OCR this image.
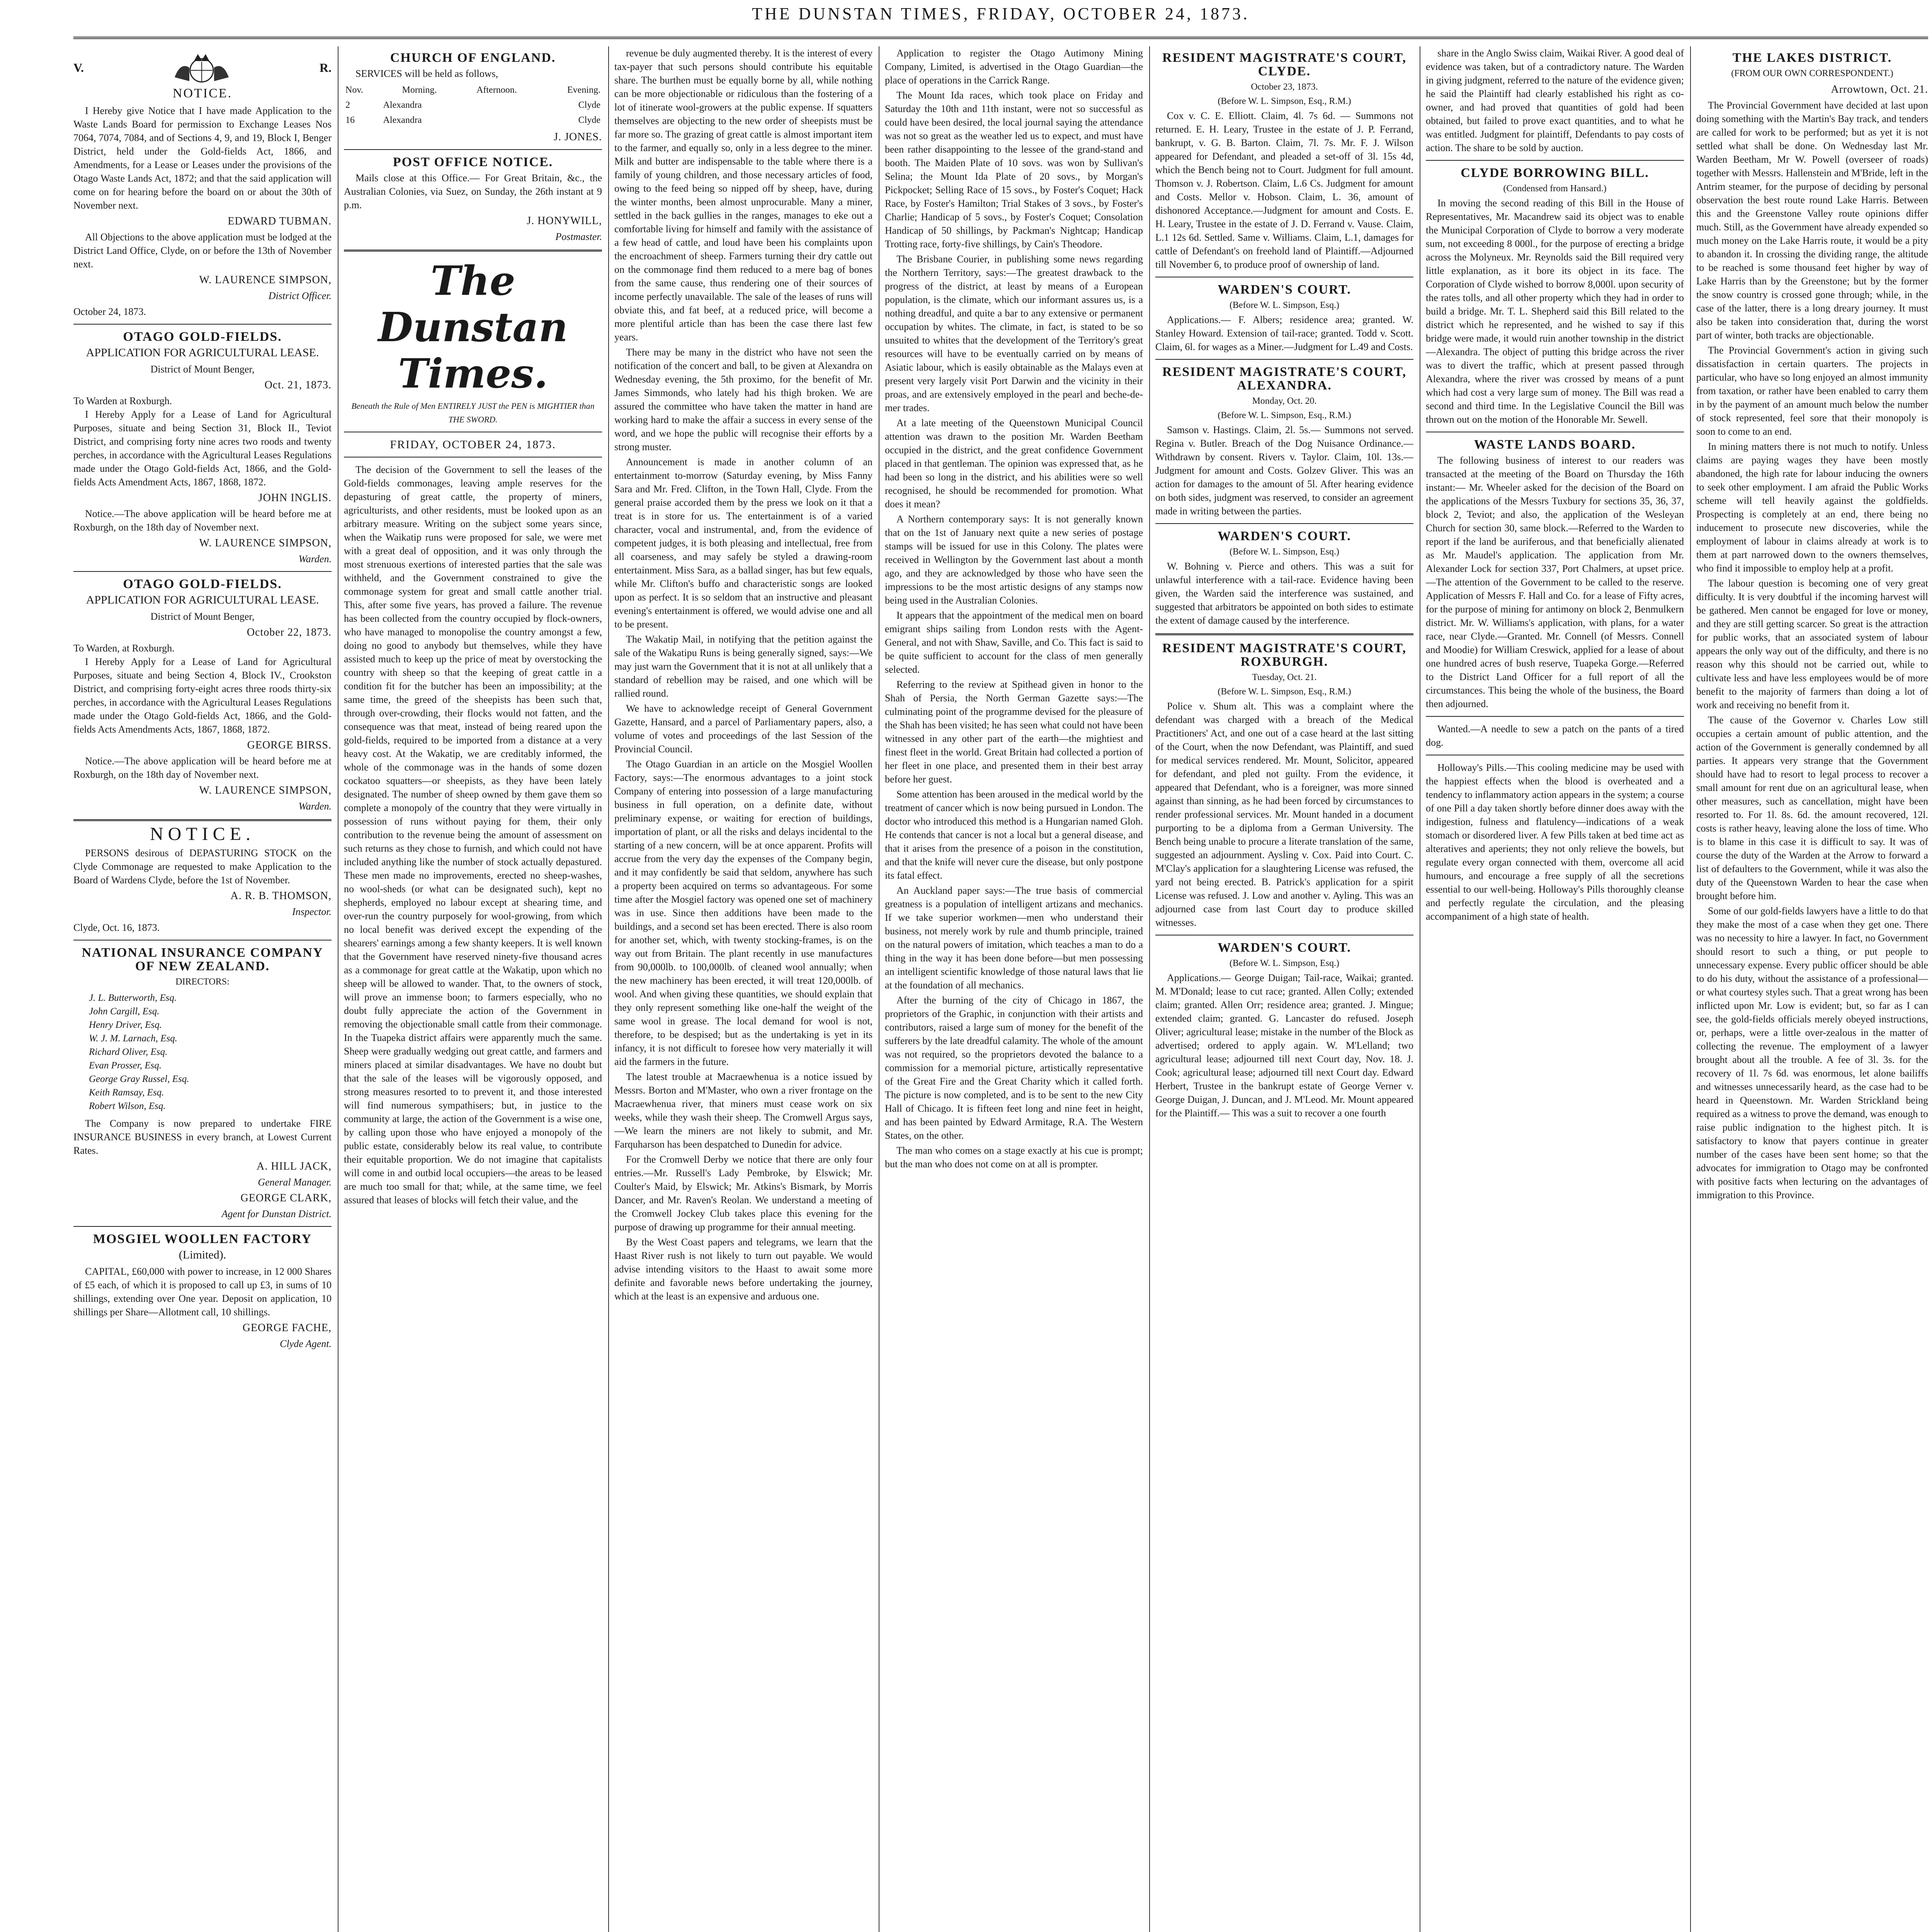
THE DUNSTAN TIMES, FRIDAY, OCTOBER 24, 1873.
V.	R.
NOTICE.

I Hereby give Notice that I have made Application to the Waste Lands Board for permission to Exchange Leases Nos 7064, 7074, 7084, and of Sections 4, 9, and 19, Block I, Benger District, held under the Gold-fields Act, 1866, and Amendments, for a Lease or Leases under the provisions of the Otago Waste Lands Act, 1872; and that the said application will come on for hearing before the board on or about the 30th of November next.

EDWARD TUBMAN.

All Objections to the above application must be lodged at the District Land Office, Clyde, on or before the 13th of November next.

W. LAURENCE SIMPSON,
District Officer.
October 24, 1873.
OTAGO GOLD-FIELDS.
APPLICATION FOR AGRICULTURAL LEASE.
District of Mount Benger,
Oct. 21, 1873.
To Warden at Roxburgh.

I Hereby Apply for a Lease of Land for Agricultural Purposes, situate and being Section 31, Block II., Teviot District, and comprising forty nine acres two roods and twenty perches, in accordance with the Agricultural Leases Regulations made under the Otago Gold-fields Act, 1866, and the Gold-fields Acts Amendment Acts, 1867, 1868, 1872.

JOHN INGLIS.

Notice.—The above application will be heard before me at Roxburgh, on the 18th day of November next.

W. LAURENCE SIMPSON,
Warden.
OTAGO GOLD-FIELDS.
APPLICATION FOR AGRICULTURAL LEASE.
District of Mount Benger,
October 22, 1873.
To Warden, at Roxburgh.

I Hereby Apply for a Lease of Land for Agricultural Purposes, situate and being Section 4, Block IV., Crookston District, and comprising forty-eight acres three roods thirty-six perches, in accordance with the Agricultural Leases Regulations made under the Otago Gold-fields Act, 1866, and the Gold-fields Acts Amendments Acts, 1867, 1868, 1872.

GEORGE BIRSS.

Notice.—The above application will be heard before me at Roxburgh, on the 18th day of November next.

W. LAURENCE SIMPSON,
Warden.
NOTICE.

PERSONS desirous of DEPASTURING STOCK on the Clyde Commonage are requested to make Application to the Board of Wardens Clyde, before the 1st of November.

A. R. B. THOMSON,
Inspector.
Clyde, Oct. 16, 1873.
NATIONAL INSURANCE COMPANY OF NEW ZEALAND.
DIRECTORS:
J. L. Butterworth, Esq.
John Cargill, Esq.
Henry Driver, Esq.
W. J. M. Larnach, Esq.
Richard Oliver, Esq.
Evan Prosser, Esq.
George Gray Russel, Esq.
Keith Ramsay, Esq.
Robert Wilson, Esq.

The Company is now prepared to undertake FIRE INSURANCE BUSINESS in every branch, at Lowest Current Rates.

A. HILL JACK,
General Manager.
GEORGE CLARK,
Agent for Dunstan District.
MOSGIEL WOOLLEN FACTORY
(Limited).

CAPITAL, £60,000 with power to increase, in 12 000 Shares of £5 each, of which it is proposed to call up £3, in sums of 10 shillings, extending over One year. Deposit on application, 10 shillings per Share—Allotment call, 10 shillings.

GEORGE FACHE,
Clyde Agent.
CHURCH OF ENGLAND.

SERVICES will be held as follows,

Nov.	Morning.	Afternoon.	Evening.
2	Alexandra		Clyde
16	Alexandra		Clyde
J. JONES.
POST OFFICE NOTICE.

Mails close at this Office.— For Great Britain, &c., the Australian Colonies, via Suez, on Sunday, the 26th instant at 9 p.m.

J. HONYWILL,
Postmaster.
The Dunstan Times.
Beneath the Rule of Men ENTIRELY JUST the PEN is MIGHTIER than THE SWORD.
FRIDAY, OCTOBER 24, 1873.

The decision of the Government to sell the leases of the Gold-fields commonages, leaving ample reserves for the depasturing of great cattle, the property of miners, agriculturists, and other residents, must be looked upon as an arbitrary measure. Writing on the subject some years since, when the Waikatip runs were proposed for sale, we were met with a great deal of opposition, and it was only through the most strenuous exertions of interested parties that the sale was withheld, and the Government constrained to give the commonage system for great and small cattle another trial. This, after some five years, has proved a failure. The revenue has been collected from the country occupied by flock-owners, who have managed to monopolise the country amongst a few, doing no good to anybody but themselves, while they have assisted much to keep up the price of meat by overstocking the country with sheep so that the keeping of great cattle in a condition fit for the butcher has been an impossibility; at the same time, the greed of the sheepists has been such that, through over-crowding, their flocks would not fatten, and the consequence was that meat, instead of being reared upon the gold-fields, required to be imported from a distance at a very heavy cost. At the Wakatip, we are creditably informed, the whole of the commonage was in the hands of some dozen cockatoo squatters—or sheepists, as they have been lately designated. The number of sheep owned by them gave them so complete a monopoly of the country that they were virtually in possession of runs without paying for them, their only contribution to the revenue being the amount of assessment on such returns as they chose to furnish, and which could not have included anything like the number of stock actually depastured. These men made no improvements, erected no sheep-washes, no wool-sheds (or what can be designated such), kept no shepherds, employed no labour except at shearing time, and over-run the country purposely for wool-growing, from which no local benefit was derived except the expending of the shearers' earnings among a few shanty keepers. It is well known that the Government have reserved ninety-five thousand acres as a commonage for great cattle at the Wakatip, upon which no sheep will be allowed to wander. That, to the owners of stock, will prove an immense boon; to farmers especially, who no doubt fully appreciate the action of the Government in removing the objectionable small cattle from their commonage. In the Tuapeka district affairs were apparently much the same. Sheep were gradually wedging out great cattle, and farmers and miners placed at similar disadvantages. We have no doubt but that the sale of the leases will be vigorously opposed, and strong measures resorted to to prevent it, and those interested will find numerous sympathisers; but, in justice to the community at large, the action of the Government is a wise one, by calling upon those who have enjoyed a monopoly of the public estate, considerably below its real value, to contribute their equitable proportion. We do not imagine that capitalists will come in and outbid local occupiers—the areas to be leased are much too small for that; while, at the same time, we feel assured that leases of blocks will fetch their value, and the

revenue be duly augmented thereby. It is the interest of every tax-payer that such persons should contribute his equitable share. The burthen must be equally borne by all, while nothing can be more objectionable or ridiculous than the fostering of a lot of itinerate wool-growers at the public expense. If squatters themselves are objecting to the new order of sheepists must be far more so. The grazing of great cattle is almost important item to the farmer, and equally so, only in a less degree to the miner. Milk and butter are indispensable to the table where there is a family of young children, and those necessary articles of food, owing to the feed being so nipped off by sheep, have, during the winter months, been almost unprocurable. Many a miner, settled in the back gullies in the ranges, manages to eke out a comfortable living for himself and family with the assistance of a few head of cattle, and loud have been his complaints upon the encroachment of sheep. Farmers turning their dry cattle out on the commonage find them reduced to a mere bag of bones from the same cause, thus rendering one of their sources of income perfectly unavailable. The sale of the leases of runs will obviate this, and fat beef, at a reduced price, will become a more plentiful article than has been the case there last few years.

There may be many in the district who have not seen the notification of the concert and ball, to be given at Alexandra on Wednesday evening, the 5th proximo, for the benefit of Mr. James Simmonds, who lately had his thigh broken. We are assured the committee who have taken the matter in hand are working hard to make the affair a success in every sense of the word, and we hope the public will recognise their efforts by a strong muster.

Announcement is made in another column of an entertainment to-morrow (Saturday evening, by Miss Fanny Sara and Mr. Fred. Clifton, in the Town Hall, Clyde. From the general praise accorded them by the press we look on it that a treat is in store for us. The entertainment is of a varied character, vocal and instrumental, and, from the evidence of competent judges, it is both pleasing and intellectual, free from all coarseness, and may safely be styled a drawing-room entertainment. Miss Sara, as a ballad singer, has but few equals, while Mr. Clifton's buffo and characteristic songs are looked upon as perfect. It is so seldom that an instructive and pleasant evening's entertainment is offered, we would advise one and all to be present.

The Wakatip Mail, in notifying that the petition against the sale of the Wakatipu Runs is being generally signed, says:—We may just warn the Government that it is not at all unlikely that a standard of rebellion may be raised, and one which will be rallied round.

We have to acknowledge receipt of General Government Gazette, Hansard, and a parcel of Parliamentary papers, also, a volume of votes and proceedings of the last Session of the Provincial Council.

The Otago Guardian in an article on the Mosgiel Woollen Factory, says:—The enormous advantages to a joint stock Company of entering into possession of a large manufacturing business in full operation, on a definite date, without preliminary expense, or waiting for erection of buildings, importation of plant, or all the risks and delays incidental to the starting of a new concern, will be at once apparent. Profits will accrue from the very day the expenses of the Company begin, and it may confidently be said that seldom, anywhere has such a property been acquired on terms so advantageous. For some time after the Mosgiel factory was opened one set of machinery was in use. Since then additions have been made to the buildings, and a second set has been erected. There is also room for another set, which, with twenty stocking-frames, is on the way out from Britain. The plant recently in use manufactures from 90,000lb. to 100,000lb. of cleaned wool annually; when the new machinery has been erected, it will treat 120,000lb. of wool. And when giving these quantities, we should explain that they only represent something like one-half the weight of the same wool in grease. The local demand for wool is not, therefore, to be despised; but as the undertaking is yet in its infancy, it is not difficult to foresee how very materially it will aid the farmers in the future.

The latest trouble at Macraewhenua is a notice issued by Messrs. Borton and M'Master, who own a river frontage on the Macraewhenua river, that miners must cease work on six weeks, while they wash their sheep. The Cromwell Argus says,—We learn the miners are not likely to submit, and Mr. Farquharson has been despatched to Dunedin for advice.

For the Cromwell Derby we notice that there are only four entries.—Mr. Russell's Lady Pembroke, by Elswick; Mr. Coulter's Maid, by Elswick; Mr. Atkins's Bismark, by Morris Dancer, and Mr. Raven's Reolan. We understand a meeting of the Cromwell Jockey Club takes place this evening for the purpose of drawing up programme for their annual meeting.

By the West Coast papers and telegrams, we learn that the Haast River rush is not likely to turn out payable. We would advise intending visitors to the Haast to await some more definite and favorable news before undertaking the journey, which at the least is an expensive and arduous one.

Application to register the Otago Autimony Mining Company, Limited, is advertised in the Otago Guardian—the place of operations in the Carrick Range.

The Mount Ida races, which took place on Friday and Saturday the 10th and 11th instant, were not so successful as could have been desired, the local journal saying the attendance was not so great as the weather led us to expect, and must have been rather disappointing to the lessee of the grand-stand and booth. The Maiden Plate of 10 sovs. was won by Sullivan's Selina; the Mount Ida Plate of 20 sovs., by Morgan's Pickpocket; Selling Race of 15 sovs., by Foster's Coquet; Hack Race, by Foster's Hamilton; Trial Stakes of 3 sovs., by Foster's Charlie; Handicap of 5 sovs., by Foster's Coquet; Consolation Handicap of 50 shillings, by Packman's Nightcap; Handicap Trotting race, forty-five shillings, by Cain's Theodore.

The Brisbane Courier, in publishing some news regarding the Northern Territory, says:—The greatest drawback to the progress of the district, at least by means of a European population, is the climate, which our informant assures us, is a nothing dreadful, and quite a bar to any extensive or permanent occupation by whites. The climate, in fact, is stated to be so unsuited to whites that the development of the Territory's great resources will have to be eventually carried on by means of Asiatic labour, which is easily obtainable as the Malays even at present very largely visit Port Darwin and the vicinity in their proas, and are extensively employed in the pearl and beche-de-mer trades.

At a late meeting of the Queenstown Municipal Council attention was drawn to the position Mr. Warden Beetham occupied in the district, and the great confidence Government placed in that gentleman. The opinion was expressed that, as he had been so long in the district, and his abilities were so well recognised, he should be recommended for promotion. What does it mean?

A Northern contemporary says: It is not generally known that on the 1st of January next quite a new series of postage stamps will be issued for use in this Colony. The plates were received in Wellington by the Government last about a month ago, and they are acknowledged by those who have seen the impressions to be the most artistic designs of any stamps now being used in the Australian Colonies.

It appears that the appointment of the medical men on board emigrant ships sailing from London rests with the Agent-General, and not with Shaw, Saville, and Co. This fact is said to be quite sufficient to account for the class of men generally selected.

Referring to the review at Spithead given in honor to the Shah of Persia, the North German Gazette says:—The culminating point of the programme devised for the pleasure of the Shah has been visited; he has seen what could not have been witnessed in any other part of the earth—the mightiest and finest fleet in the world. Great Britain had collected a portion of her fleet in one place, and presented them in their best array before her guest.

Some attention has been aroused in the medical world by the treatment of cancer which is now being pursued in London. The doctor who introduced this method is a Hungarian named Gloh. He contends that cancer is not a local but a general disease, and that it arises from the presence of a poison in the constitution, and that the knife will never cure the disease, but only postpone its fatal effect.

An Auckland paper says:—The true basis of commercial greatness is a population of intelligent artizans and mechanics. If we take superior workmen—men who understand their business, not merely work by rule and thumb principle, trained on the natural powers of imitation, which teaches a man to do a thing in the way it has been done before—but men possessing an intelligent scientific knowledge of those natural laws that lie at the foundation of all mechanics.

After the burning of the city of Chicago in 1867, the proprietors of the Graphic, in conjunction with their artists and contributors, raised a large sum of money for the benefit of the sufferers by the late dreadful calamity. The whole of the amount was not required, so the proprietors devoted the balance to a commission for a memorial picture, artistically representative of the Great Fire and the Great Charity which it called forth. The picture is now completed, and is to be sent to the new City Hall of Chicago. It is fifteen feet long and nine feet in height, and has been painted by Edward Armitage, R.A. The Western States, on the other.

The man who comes on a stage exactly at his cue is prompt; but the man who does not come on at all is prompter.

RESIDENT MAGISTRATE'S COURT, CLYDE.
October 23, 1873.
(Before W. L. Simpson, Esq., R.M.)

Cox v. C. E. Elliott. Claim, 4l. 7s 6d. — Summons not returned. E. H. Leary, Trustee in the estate of J. P. Ferrand, bankrupt, v. G. B. Barton. Claim, 7l. 7s. Mr. F. J. Wilson appeared for Defendant, and pleaded a set-off of 3l. 15s 4d, which the Bench being not to Court. Judgment for full amount. Thomson v. J. Robertson. Claim, L.6 Cs. Judgment for amount and Costs. Mellor v. Hobson. Claim, L. 36, amount of dishonored Acceptance.—Judgment for amount and Costs. E. H. Leary, Trustee in the estate of J. D. Ferrand v. Vause. Claim, L.1 12s 6d. Settled. Same v. Williams. Claim, L.1, damages for cattle of Defendant's on freehold land of Plaintiff.—Adjourned till November 6, to produce proof of ownership of land.

WARDEN'S COURT.
(Before W. L. Simpson, Esq.)

Applications.— F. Albers; residence area; granted. W. Stanley Howard. Extension of tail-race; granted. Todd v. Scott. Claim, 6l. for wages as a Miner.—Judgment for L.49 and Costs.

RESIDENT MAGISTRATE'S COURT, ALEXANDRA.
Monday, Oct. 20.
(Before W. L. Simpson, Esq., R.M.)

Samson v. Hastings. Claim, 2l. 5s.— Summons not served. Regina v. Butler. Breach of the Dog Nuisance Ordinance.—Withdrawn by consent. Rivers v. Taylor. Claim, 10l. 13s.—Judgment for amount and Costs. Golzev Gliver. This was an action for damages to the amount of 5l. After hearing evidence on both sides, judgment was reserved, to consider an agreement made in writing between the parties.

WARDEN'S COURT.
(Before W. L. Simpson, Esq.)

W. Bohning v. Pierce and others. This was a suit for unlawful interference with a tail-race. Evidence having been given, the Warden said the interference was sustained, and suggested that arbitrators be appointed on both sides to estimate the extent of damage caused by the interference.

RESIDENT MAGISTRATE'S COURT, ROXBURGH.
Tuesday, Oct. 21.
(Before W. L. Simpson, Esq., R.M.)

Police v. Shum alt. This was a complaint where the defendant was charged with a breach of the Medical Practitioners' Act, and one out of a case heard at the last sitting of the Court, when the now Defendant, was Plaintiff, and sued for medical services rendered. Mr. Mount, Solicitor, appeared for defendant, and pled not guilty. From the evidence, it appeared that Defendant, who is a foreigner, was more sinned against than sinning, as he had been forced by circumstances to render professional services. Mr. Mount handed in a document purporting to be a diploma from a German University. The Bench being unable to procure a literate translation of the same, suggested an adjournment. Aysling v. Cox. Paid into Court. C. M'Clay's application for a slaughtering License was refused, the yard not being erected. B. Patrick's application for a spirit License was refused. J. Low and another v. Ayling. This was an adjourned case from last Court day to produce skilled witnesses.

WARDEN'S COURT.
(Before W. L. Simpson, Esq.)

Applications.— George Duigan; Tail-race, Waikai; granted. M. M'Donald; lease to cut race; granted. Allen Colly; extended claim; granted. Allen Orr; residence area; granted. J. Mingue; extended claim; granted. G. Lancaster do refused. Joseph Oliver; agricultural lease; mistake in the number of the Block as advertised; ordered to apply again. W. M'Lelland; two agricultural lease; adjourned till next Court day, Nov. 18. J. Cook; agricultural lease; adjourned till next Court day. Edward Herbert, Trustee in the bankrupt estate of George Verner v. George Duigan, J. Duncan, and J. M'Leod. Mr. Mount appeared for the Plaintiff.— This was a suit to recover a one fourth

share in the Anglo Swiss claim, Waikai River. A good deal of evidence was taken, but of a contradictory nature. The Warden in giving judgment, referred to the nature of the evidence given; he said the Plaintiff had clearly established his right as co-owner, and had proved that quantities of gold had been obtained, but failed to prove exact quantities, and to what he was entitled. Judgment for plaintiff, Defendants to pay costs of action. The share to be sold by auction.

CLYDE BORROWING BILL.
(Condensed from Hansard.)

In moving the second reading of this Bill in the House of Representatives, Mr. Macandrew said its object was to enable the Municipal Corporation of Clyde to borrow a very moderate sum, not exceeding 8 000l., for the purpose of erecting a bridge across the Molyneux. Mr. Reynolds said the Bill required very little explanation, as it bore its object in its face. The Corporation of Clyde wished to borrow 8,000l. upon security of the rates tolls, and all other property which they had in order to build a bridge. Mr. T. L. Shepherd said this Bill related to the district which he represented, and he wished to say if this bridge were made, it would ruin another township in the district—Alexandra. The object of putting this bridge across the river was to divert the traffic, which at present passed through Alexandra, where the river was crossed by means of a punt which had cost a very large sum of money. The Bill was read a second and third time. In the Legislative Council the Bill was thrown out on the motion of the Honorable Mr. Sewell.

WASTE LANDS BOARD.

The following business of interest to our readers was transacted at the meeting of the Board on Thursday the 16th instant:— Mr. Wheeler asked for the decision of the Board on the applications of the Messrs Tuxbury for sections 35, 36, 37, block 2, Teviot; and also, the application of the Wesleyan Church for section 30, same block.—Referred to the Warden to report if the land be auriferous, and that beneficially alienated as Mr. Maudel's application. The application from Mr. Alexander Lock for section 337, Port Chalmers, at upset price.—The attention of the Government to be called to the reserve. Application of Messrs F. Hall and Co. for a lease of Fifty acres, for the purpose of mining for antimony on block 2, Benmulkern district. Mr. W. Williams's application, with plans, for a water race, near Clyde.—Granted. Mr. Connell (of Messrs. Connell and Moodie) for William Creswick, applied for a lease of about one hundred acres of bush reserve, Tuapeka Gorge.—Referred to the District Land Officer for a full report of all the circumstances. This being the whole of the business, the Board then adjourned.

Wanted.—A needle to sew a patch on the pants of a tired dog.

Holloway's Pills.—This cooling medicine may be used with the happiest effects when the blood is overheated and a tendency to inflammatory action appears in the system; a course of one Pill a day taken shortly before dinner does away with the indigestion, fulness and flatulency—indications of a weak stomach or disordered liver. A few Pills taken at bed time act as alteratives and aperients; they not only relieve the bowels, but regulate every organ connected with them, overcome all acid humours, and encourage a free supply of all the secretions essential to our well-being. Holloway's Pills thoroughly cleanse and perfectly regulate the circulation, and the pleasing accompaniment of a high state of health.

THE LAKES DISTRICT.
(FROM OUR OWN CORRESPONDENT.)
Arrowtown, Oct. 21.

The Provincial Government have decided at last upon doing something with the Martin's Bay track, and tenders are called for work to be performed; but as yet it is not settled what shall be done. On Wednesday last Mr. Warden Beetham, Mr W. Powell (overseer of roads) together with Messrs. Hallenstein and M'Bride, left in the Antrim steamer, for the purpose of deciding by personal observation the best route round Lake Harris. Between this and the Greenstone Valley route opinions differ much. Still, as the Government have already expended so much money on the Lake Harris route, it would be a pity to abandon it. In crossing the dividing range, the altitude to be reached is some thousand feet higher by way of Lake Harris than by the Greenstone; but by the former the snow country is crossed gone through; while, in the case of the latter, there is a long dreary journey. It must also be taken into consideration that, during the worst part of winter, both tracks are objectionable.

The Provincial Government's action in giving such dissatisfaction in certain quarters. The projects in particular, who have so long enjoyed an almost immunity from taxation, or rather have been enabled to carry them in by the payment of an amount much below the number of stock represented, feel sore that their monopoly is soon to come to an end.

In mining matters there is not much to notify. Unless claims are paying wages they have been mostly abandoned, the high rate for labour inducing the owners to seek other employment. I am afraid the Public Works scheme will tell heavily against the goldfields. Prospecting is completely at an end, there being no inducement to prosecute new discoveries, while the employment of labour in claims already at work is to them at part narrowed down to the owners themselves, who find it impossible to employ help at a profit.

The labour question is becoming one of very great difficulty. It is very doubtful if the incoming harvest will be gathered. Men cannot be engaged for love or money, and they are still getting scarcer. So great is the attraction for public works, that an associated system of labour appears the only way out of the difficulty, and there is no reason why this should not be carried out, while to cultivate less and have less employees would be of more benefit to the majority of farmers than doing a lot of work and receiving no benefit from it.

The cause of the Governor v. Charles Low still occupies a certain amount of public attention, and the action of the Government is generally condemned by all parties. It appears very strange that the Government should have had to resort to legal process to recover a small amount for rent due on an agricultural lease, when other measures, such as cancellation, might have been resorted to. For 1l. 8s. 6d. the amount recovered, 12l. costs is rather heavy, leaving alone the loss of time. Who is to blame in this case it is difficult to say. It was of course the duty of the Warden at the Arrow to forward a list of defaulters to the Government, while it was also the duty of the Queenstown Warden to hear the case when brought before him.

Some of our gold-fields lawyers have a little to do that they make the most of a case when they get one. There was no necessity to hire a lawyer. In fact, no Government should resort to such a thing, or put people to unnecessary expense. Every public officer should be able to do his duty, without the assistance of a professional—or what courtesy styles such. That a great wrong has been inflicted upon Mr. Low is evident; but, so far as I can see, the gold-fields officials merely obeyed instructions, or, perhaps, were a little over-zealous in the matter of collecting the revenue. The employment of a lawyer brought about all the trouble. A fee of 3l. 3s. for the recovery of 1l. 7s 6d. was enormous, let alone bailiffs and witnesses unnecessarily heard, as the case had to be heard in Queenstown. Mr. Warden Strickland being required as a witness to prove the demand, was enough to raise public indignation to the highest pitch. It is satisfactory to know that payers continue in greater number of the cases have been sent home; so that the advocates for immigration to Otago may be confronted with positive facts when lecturing on the advantages of immigration to this Province.
